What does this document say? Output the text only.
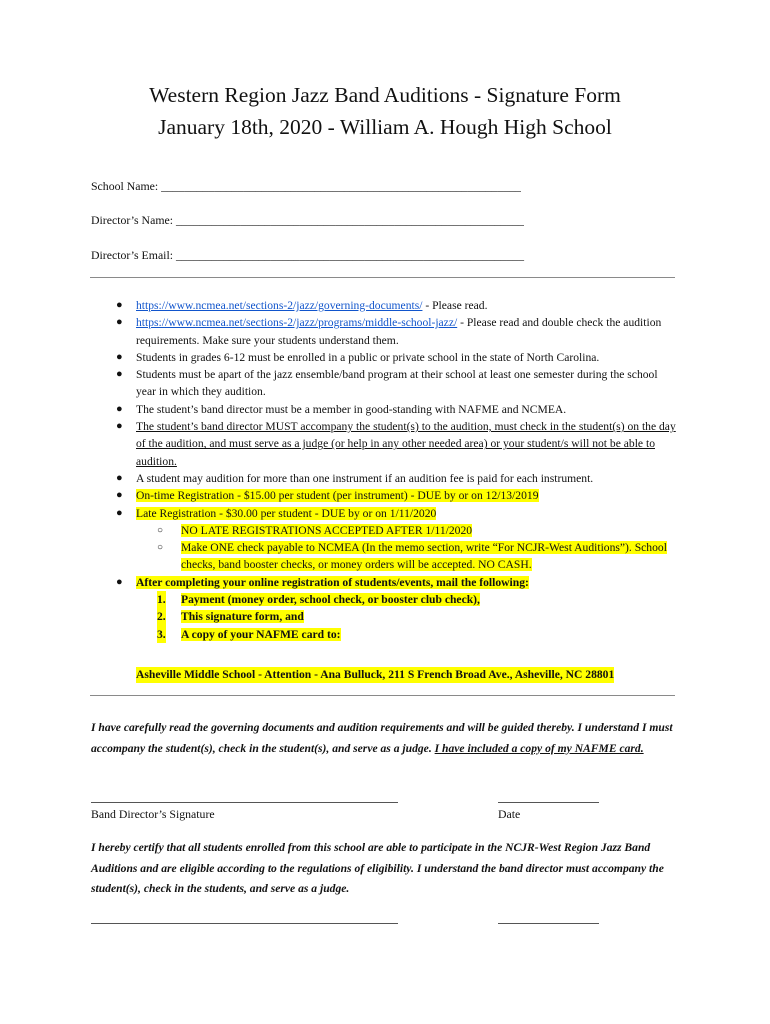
Western Region Jazz Band Auditions - Signature Form
January 18th, 2020 - William A. Hough High School
School Name: _____________________________________________________________
Director’s Name: ___________________________________________________________
Director’s Email: ___________________________________________________________
● https://www.ncmea.net/sections-2/jazz/governing-documents/ - Please read.
● https://www.ncmea.net/sections-2/jazz/programs/middle-school-jazz/ - Please read and double check the audition requirements. Make sure your students understand them.
● Students in grades 6-12 must be enrolled in a public or private school in the state of North Carolina.
● Students must be apart of the jazz ensemble/band program at their school at least one semester during the school year in which they audition.
● The student’s band director must be a member in good-standing with NAFME and NCMEA.
● The student’s band director MUST accompany the student(s) to the audition, must check in the student(s) on the day of the audition, and must serve as a judge (or help in any other needed area) or your student/s will not be able to audition.
● A student may audition for more than one instrument if an audition fee is paid for each instrument.
● On-time Registration - $15.00 per student (per instrument) - DUE by or on 12/13/2019
● Late Registration - $30.00 per student - DUE by or on 1/11/2020
○ NO LATE REGISTRATIONS ACCEPTED AFTER 1/11/2020
○ Make ONE check payable to NCMEA (In the memo section, write “For NCJR-West Auditions”). School checks, band booster checks, or money orders will be accepted. NO CASH.
● After completing your online registration of students/events, mail the following:
1. Payment (money order, school check, or booster club check),
2. This signature form, and
3. A copy of your NAFME card to:
Asheville Middle School - Attention - Ana Bulluck, 211 S French Broad Ave., Asheville, NC 28801
I have carefully read the governing documents and audition requirements and will be guided thereby. I understand I must accompany the student(s), check in the student(s), and serve as a judge. I have included a copy of my NAFME card.
Band Director’s Signature	Date
I hereby certify that all students enrolled from this school are able to participate in the NCJR-West Region Jazz Band Auditions and are eligible according to the regulations of eligibility. I understand the band director must accompany the student(s), check in the students, and serve as a judge.
